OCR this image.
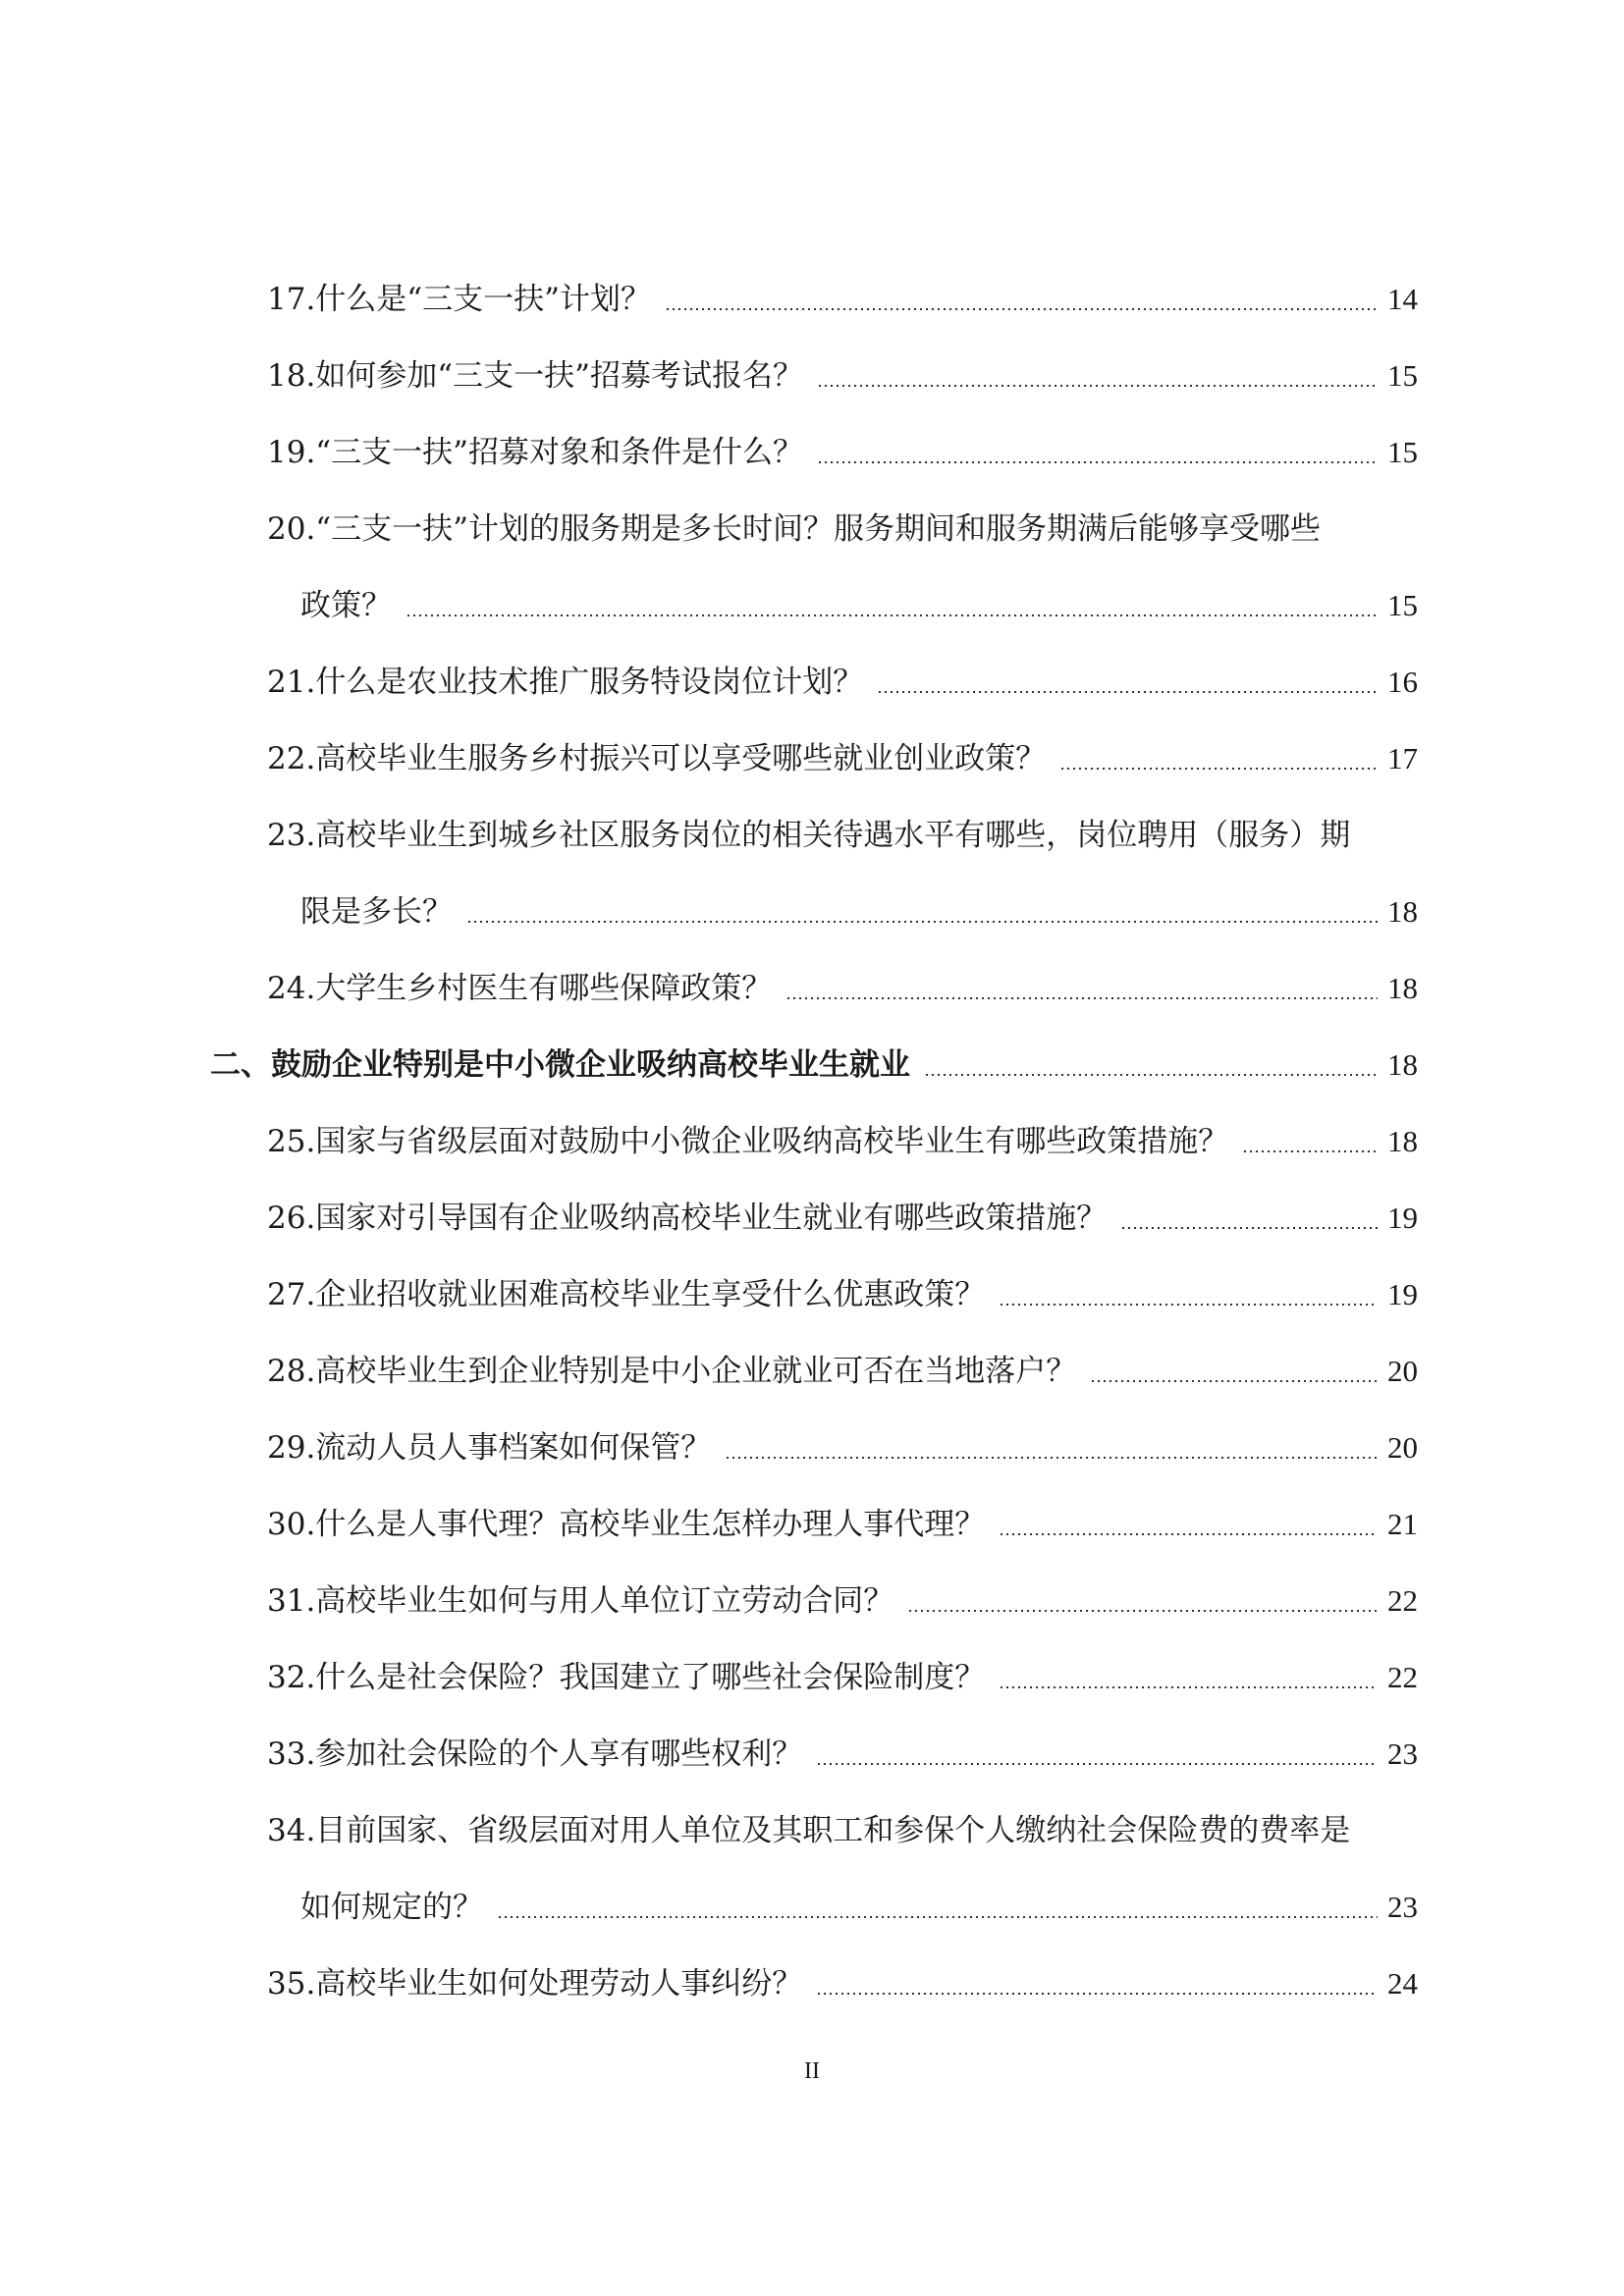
17.什么是“三支一扶”计划？	14
18.如何参加“三支一扶”招募考试报名？	15
19.“三支一扶”招募对象和条件是什么？	15
20.“三支一扶”计划的服务期是多长时间？服务期间和服务期满后能够享受哪些
政策？	15
21.什么是农业技术推广服务特设岗位计划？	16
22.高校毕业生服务乡村振兴可以享受哪些就业创业政策？	17
23.高校毕业生到城乡社区服务岗位的相关待遇水平有哪些，岗位聘用（服务）期
限是多长？	18
24.大学生乡村医生有哪些保障政策？	18
二、鼓励企业特别是中小微企业吸纳高校毕业生就业	18
25.国家与省级层面对鼓励中小微企业吸纳高校毕业生有哪些政策措施？	18
26.国家对引导国有企业吸纳高校毕业生就业有哪些政策措施？	19
27.企业招收就业困难高校毕业生享受什么优惠政策？	19
28.高校毕业生到企业特别是中小企业就业可否在当地落户？	20
29.流动人员人事档案如何保管？	20
30.什么是人事代理？高校毕业生怎样办理人事代理？	21
31.高校毕业生如何与用人单位订立劳动合同？	22
32.什么是社会保险？我国建立了哪些社会保险制度？	22
33.参加社会保险的个人享有哪些权利？	23
34.目前国家、省级层面对用人单位及其职工和参保个人缴纳社会保险费的费率是
如何规定的？	23
35.高校毕业生如何处理劳动人事纠纷？	24
II
